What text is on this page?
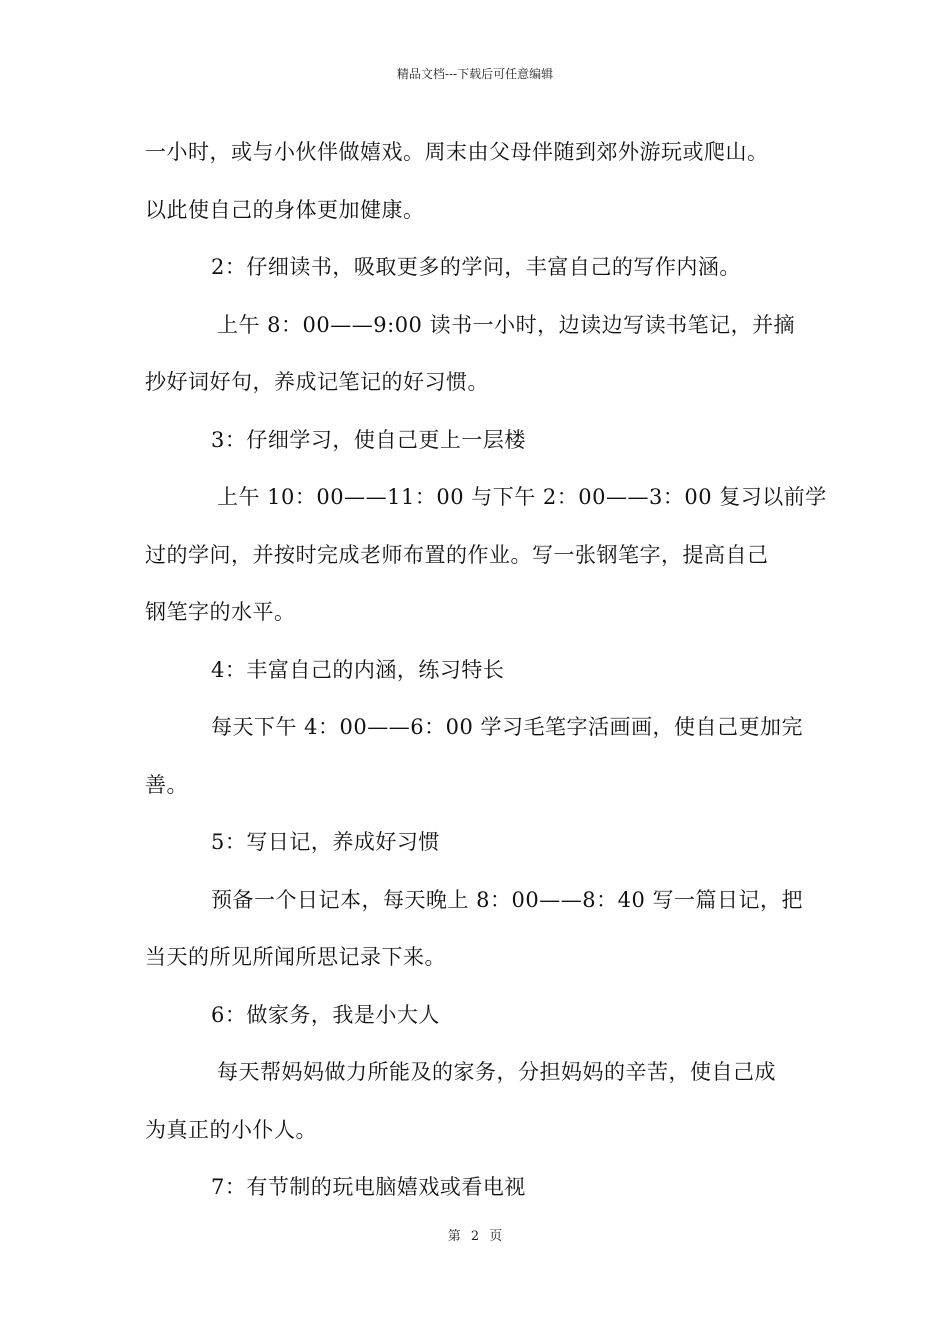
精品文档---下载后可任意编辑
一小时，或与小伙伴做嬉戏。周末由父母伴随到郊外游玩或爬山。
以此使自己的身体更加健康。
2：仔细读书，吸取更多的学问，丰富自己的写作内涵。
上午 8：00——9:00 读书一小时，边读边写读书笔记，并摘
抄好词好句，养成记笔记的好习惯。
3：仔细学习，使自己更上一层楼
上午 10：00——11：00 与下午 2：00——3：00 复习以前学
过的学问，并按时完成老师布置的作业。写一张钢笔字，提高自己
钢笔字的水平。
4：丰富自己的内涵，练习特长
每天下午 4：00——6：00 学习毛笔字活画画，使自己更加完
善。
5：写日记，养成好习惯
预备一个日记本，每天晚上 8：00——8：40 写一篇日记，把
当天的所见所闻所思记录下来。
6：做家务，我是小大人
每天帮妈妈做力所能及的家务，分担妈妈的辛苦，使自己成
为真正的小仆人。
7：有节制的玩电脑嬉戏或看电视
第 2 页
